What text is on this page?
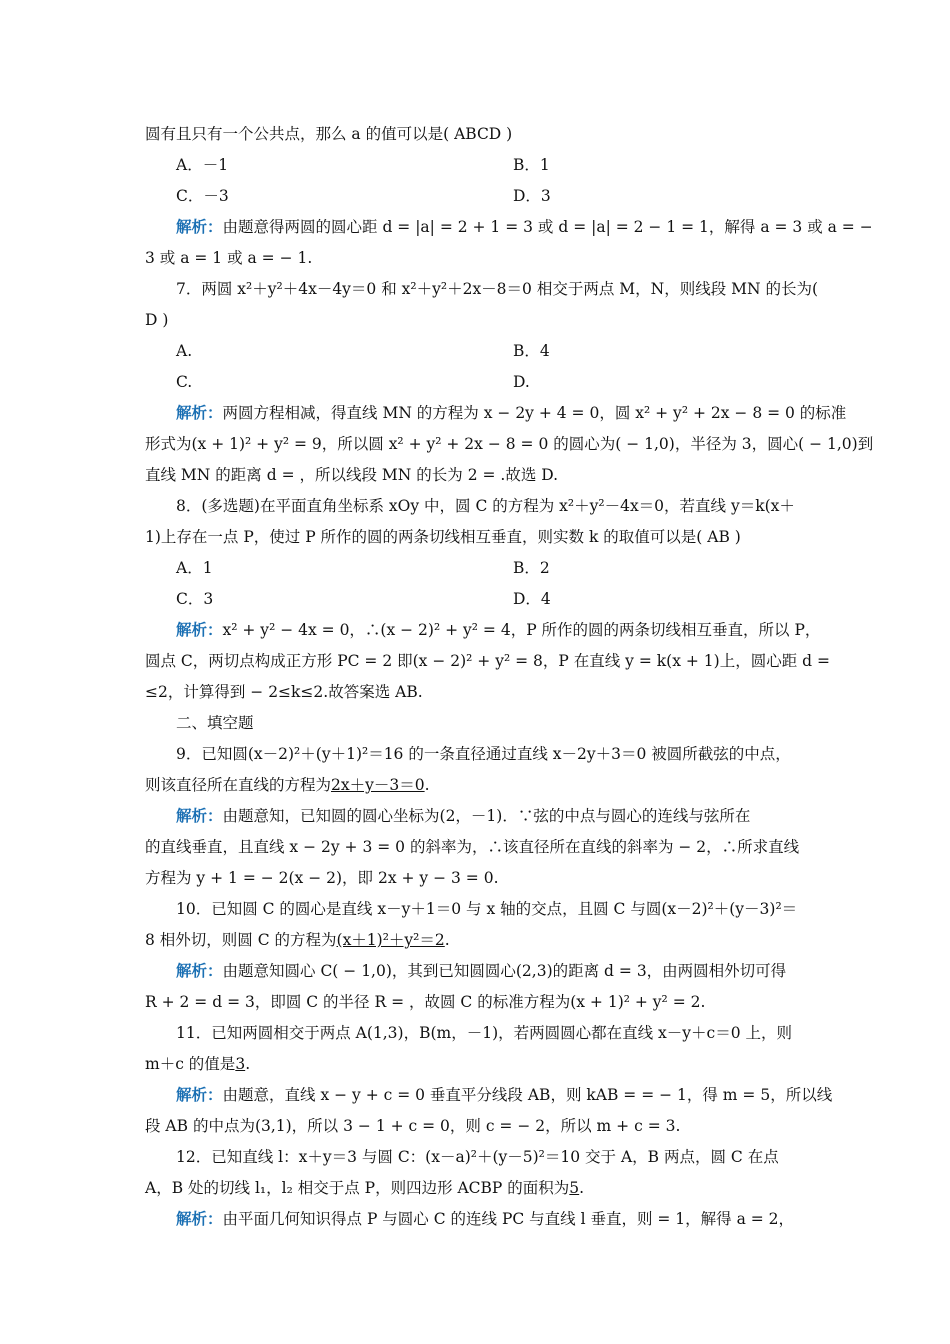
圆有且只有一个公共点，那么 a 的值可以是( ABCD )
A．－1	B．1
C．－3	D．3
解析：由题意得两圆的圆心距 d = |a| = 2 + 1 = 3 或 d = |a| = 2 − 1 = 1，解得 a = 3 或 a = −
3 或 a = 1 或 a = − 1.
7．两圆 x²＋y²＋4x－4y＝0 和 x²＋y²＋2x－8＝0 相交于两点 M，N，则线段 MN 的长为(
D )
A.	B．4
C.	D.
解析：两圆方程相减，得直线 MN 的方程为 x − 2y + 4 = 0，圆 x² + y² + 2x − 8 = 0 的标准
形式为(x + 1)² + y² = 9，所以圆 x² + y² + 2x − 8 = 0 的圆心为( − 1,0)，半径为 3，圆心( − 1,0)到
直线 MN 的距离 d = ，所以线段 MN 的长为 2 = .故选 D.
8．(多选题)在平面直角坐标系 xOy 中，圆 C 的方程为 x²＋y²－4x＝0，若直线 y＝k(x＋
1)上存在一点 P，使过 P 所作的圆的两条切线相互垂直，则实数 k 的取值可以是( AB )
A．1	B．2
C．3	D．4
解析：x² + y² − 4x = 0，∴(x − 2)² + y² = 4，P 所作的圆的两条切线相互垂直，所以 P，
圆点 C，两切点构成正方形 PC = 2 即(x − 2)² + y² = 8，P 在直线 y = k(x + 1)上，圆心距 d =
≤2，计算得到 − 2≤k≤2.故答案选 AB.
二、填空题
9．已知圆(x－2)²＋(y＋1)²＝16 的一条直径通过直线 x－2y＋3＝0 被圆所截弦的中点，
则该直径所在直线的方程为2x＋y－3＝0.
解析：由题意知，已知圆的圆心坐标为(2，－1)．∵弦的中点与圆心的连线与弦所在
的直线垂直，且直线 x − 2y + 3 = 0 的斜率为，∴该直径所在直线的斜率为 − 2，∴所求直线
方程为 y + 1 = − 2(x − 2)，即 2x + y − 3 = 0.
10．已知圆 C 的圆心是直线 x－y＋1＝0 与 x 轴的交点，且圆 C 与圆(x－2)²＋(y－3)²＝
8 相外切，则圆 C 的方程为(x＋1)²＋y²＝2.
解析：由题意知圆心 C( − 1,0)，其到已知圆圆心(2,3)的距离 d = 3，由两圆相外切可得
R + 2 = d = 3，即圆 C 的半径 R = ，故圆 C 的标准方程为(x + 1)² + y² = 2.
11．已知两圆相交于两点 A(1,3)，B(m，－1)，若两圆圆心都在直线 x－y＋c＝0 上，则
m＋c 的值是3.
解析：由题意，直线 x − y + c = 0 垂直平分线段 AB，则 kAB = = − 1，得 m = 5，所以线
段 AB 的中点为(3,1)，所以 3 − 1 + c = 0，则 c = − 2，所以 m + c = 3.
12．已知直线 l：x＋y＝3 与圆 C：(x－a)²＋(y－5)²＝10 交于 A，B 两点，圆 C 在点
A，B 处的切线 l₁，l₂ 相交于点 P，则四边形 ACBP 的面积为5.
解析：由平面几何知识得点 P 与圆心 C 的连线 PC 与直线 l 垂直，则 = 1，解得 a = 2，
